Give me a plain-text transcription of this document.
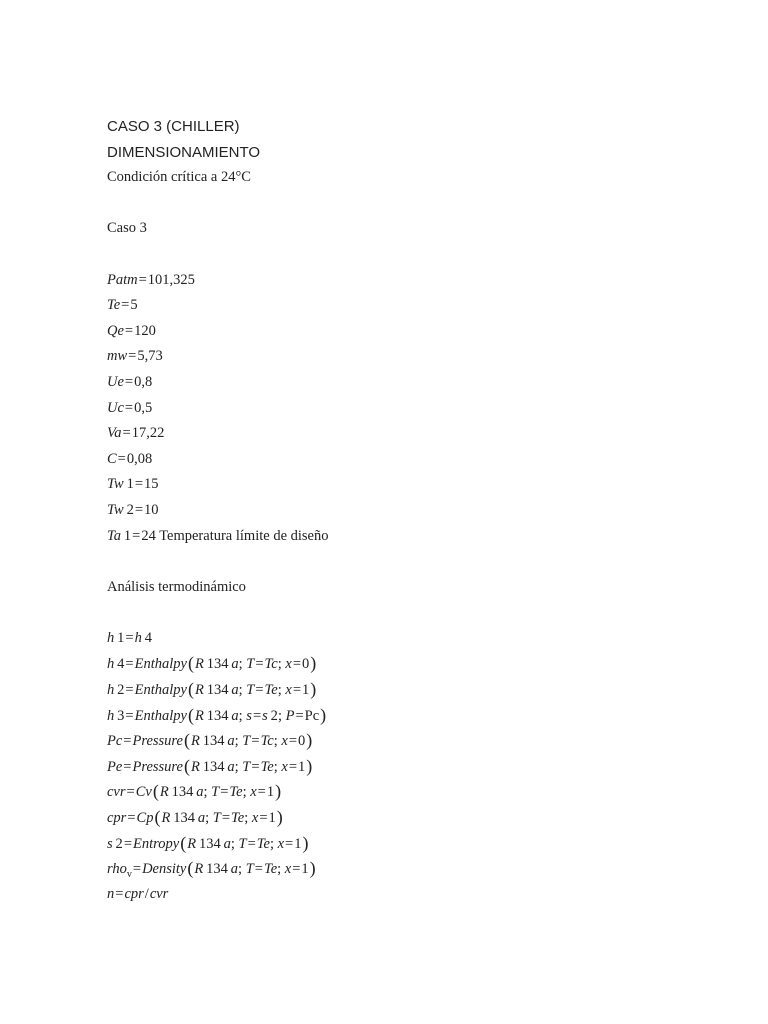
CASO 3 (CHILLER)
DIMENSIONAMIENTO
Condición crítica a 24°C
Caso 3
Patm=101,325
Te=5
Qe=120
mw=5,73
Ue=0,8
Uc=0,5
Va=17,22
C=0,08
Tw 1=15
Tw 2=10
Ta 1=24 Temperatura límite de diseño
Análisis termodinámico
h 1=h 4
h 4=Enthalpy(R 134 a; T=Tc; x=0)
h 2=Enthalpy(R 134 a; T=Te; x=1)
h 3=Enthalpy(R 134 a; s=s 2; P=Pc)
Pc=Pressure(R 134 a; T=Tc; x=0)
Pe=Pressure(R 134 a; T=Te; x=1)
cvr=Cv(R 134 a; T=Te; x=1)
cpr=Cp(R 134 a; T=Te; x=1)
s 2=Entropy(R 134 a; T=Te; x=1)
rho$_v$=Density(R 134 a; T=Te; x=1)
n=cpr/cvr
